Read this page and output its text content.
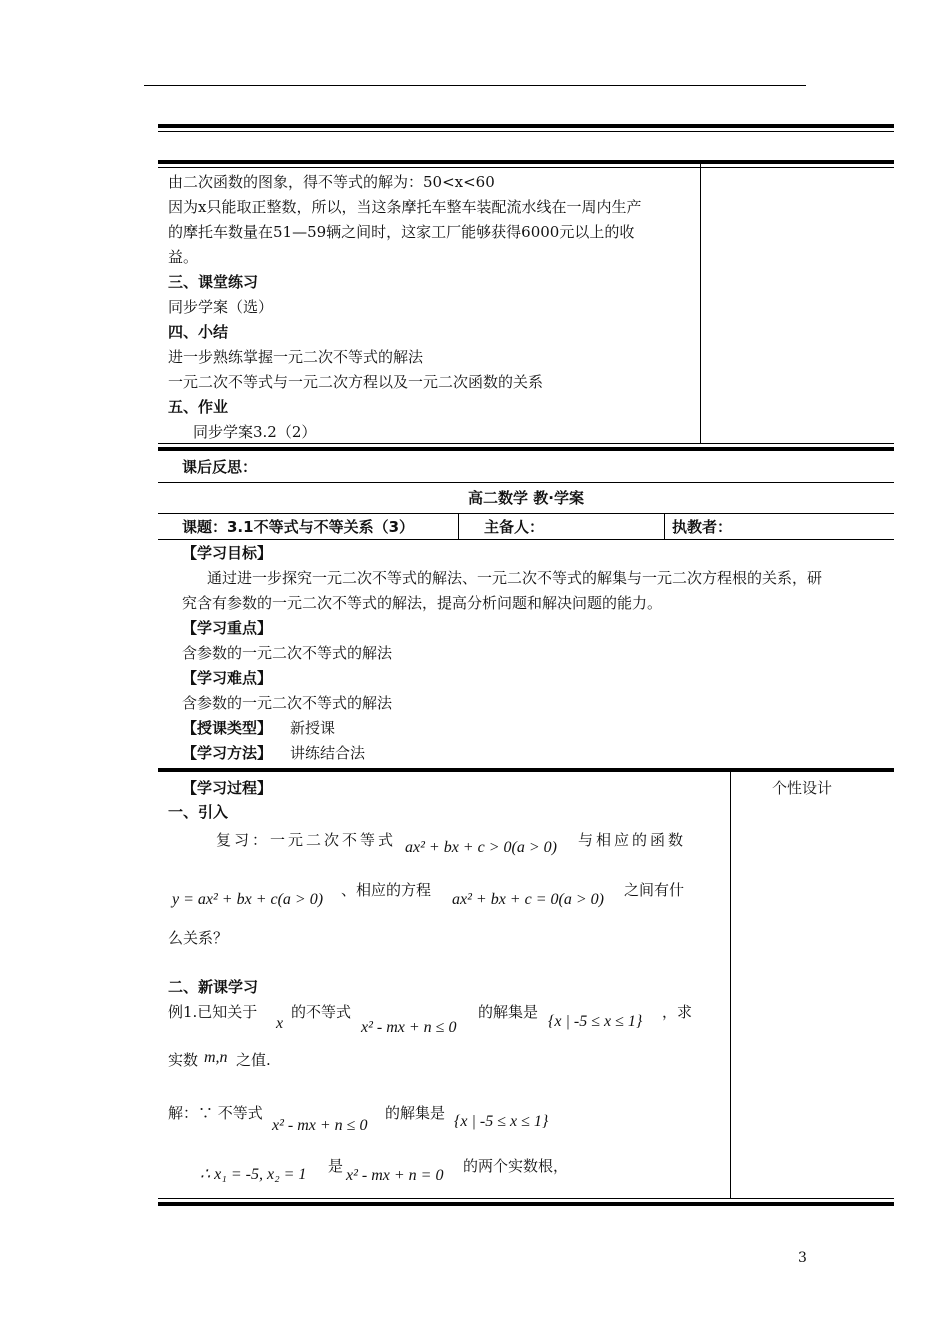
由二次函数的图象，得不等式的解为：50<x<60
因为x只能取正整数，所以，当这条摩托车整车装配流水线在一周内生产
的摩托车数量在51—59辆之间时，这家工厂能够获得6000元以上的收
益。
三、课堂练习
同步学案（选）
四、小结
进一步熟练掌握一元二次不等式的解法
一元二次不等式与一元二次方程以及一元二次函数的关系
五、作业
同步学案3.2（2）
课后反思：
高二数学 教·学案
课题：3.1不等式与不等关系（3）	主备人：	执教者：
【学习目标】
通过进一步探究一元二次不等式的解法、一元二次不等式的解集与一元二次方程根的关系，研
究含有参数的一元二次不等式的解法，提高分析问题和解决问题的能力。
【学习重点】
含参数的一元二次不等式的解法
【学习难点】
含参数的一元二次不等式的解法
【授课类型】 新授课
【学习方法】 讲练结合法
【学习过程】	个性设计
一、引入
复习：一元二次不等式 ax² + bx + c > 0(a > 0) 与相应的函数
y = ax² + bx + c(a > 0)
、相应的方程
ax² + bx + c = 0(a > 0)
之间有什
么关系？
二、新课学习
例1.已知关于
x
的不等式
x² - mx + n ≤ 0
的解集是
{x | -5 ≤ x ≤ 1}
，求
实数 m,n 之值.
解：∵ 不等式
x² - mx + n ≤ 0
的解集是 {x | -5 ≤ x ≤ 1}
∴ x₁ = -5, x₂ = 1 是
x² - mx + n = 0
的两个实数根，
3
